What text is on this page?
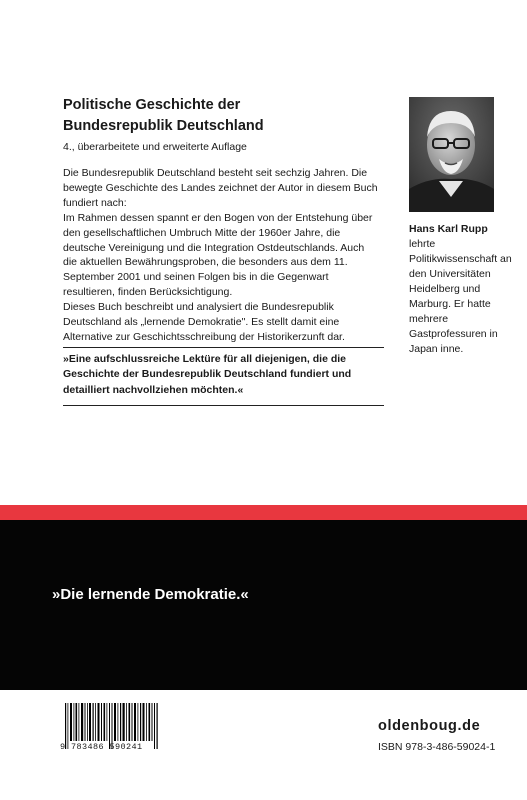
Politische Geschichte der
Bundesrepublik Deutschland
4., überarbeitete und erweiterte Auflage

Die Bundesrepublik Deutschland besteht seit sechzig Jahren. Die bewegte Geschichte des Landes zeichnet der Autor in diesem Buch fundiert nach:

Im Rahmen dessen spannt er den Bogen von der Entstehung über den gesellschaftlichen Umbruch Mitte der 1960er Jahre, die deutsche Vereinigung und die Integration Ostdeutschlands. Auch die aktuellen Bewährungsproben, die besonders aus dem 11. September 2001 und seinen Folgen bis in die Gegenwart resultieren, finden Berücksichtigung.

Dieses Buch beschreibt und analysiert die Bundesrepublik Deutschland als „lernende Demokratie". Es stellt damit eine Alternative zur Geschichtsschreibung der Historikerzunft dar.

Hans Karl Rupp
lehrte Politikwissenschaft an den Universitäten Heidelberg und Marburg. Er hatte mehrere Gastprofessuren in Japan inne.
»Eine aufschlussreiche Lektüre für all diejenigen, die die Geschichte der Bundesrepublik Deutschland fundiert und detailliert nachvollziehen möchten.«
»Die lernende Demokratie.«
9 783486 590241
oldenboug.de
ISBN 978-3-486-59024-1
